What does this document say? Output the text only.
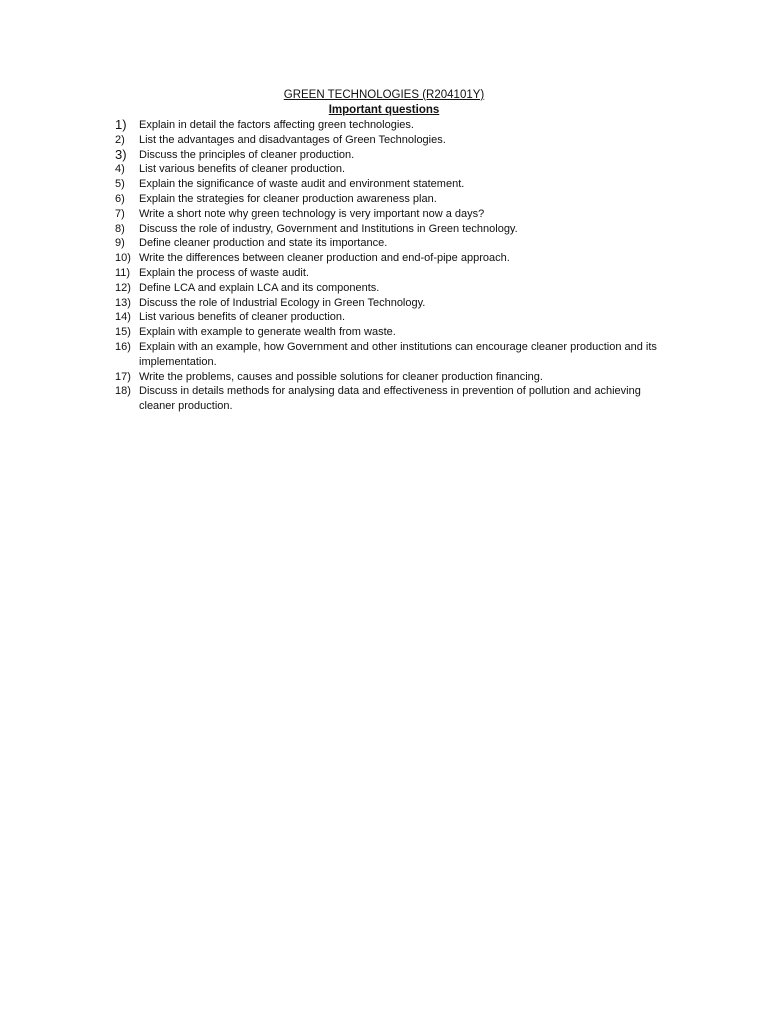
GREEN TECHNOLOGIES (R204101Y)
Important questions
1)	Explain in detail the factors affecting green technologies.
2)	List the advantages and disadvantages of Green Technologies.
3)	Discuss the principles of cleaner production.
4)	List various benefits of cleaner production.
5)	Explain the significance of waste audit and environment statement.
6)	Explain the strategies for cleaner production awareness plan.
7)	Write a short note why green technology is very important now a days?
8)	Discuss the role of industry, Government and Institutions in Green technology.
9)	Define cleaner production and state its importance.
10) Write the differences between cleaner production and end-of-pipe approach.
11) Explain the process of waste audit.
12) Define LCA and explain LCA and its components.
13) Discuss the role of Industrial Ecology in Green Technology.
14) List various benefits of cleaner production.
15) Explain with example to generate wealth from waste.
16) Explain with an example, how Government and other institutions can encourage cleaner production and its implementation.
17) Write the problems, causes and possible solutions for cleaner production financing.
18) Discuss in details methods for analysing data and effectiveness in prevention of pollution and achieving cleaner production.
